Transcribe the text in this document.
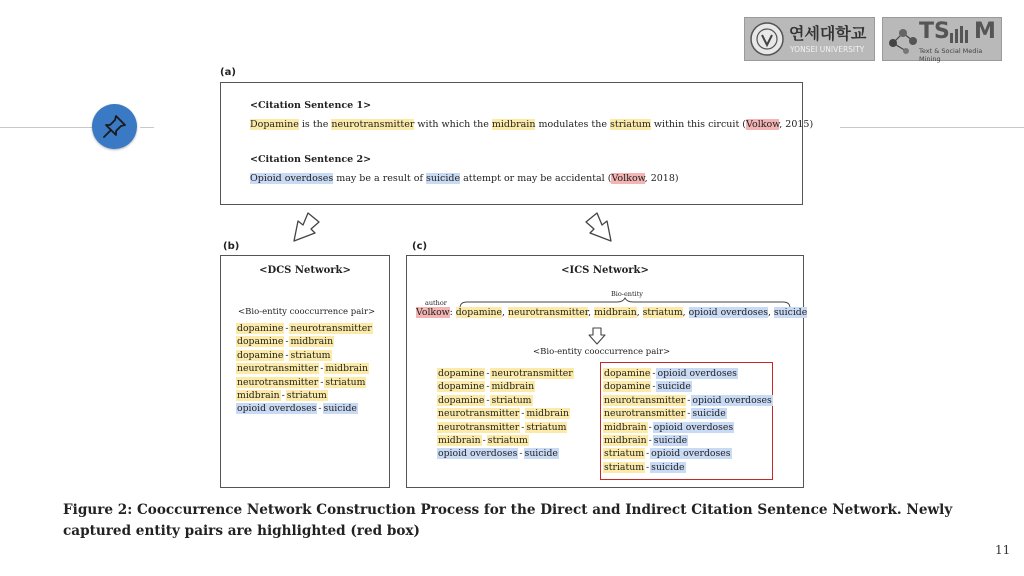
연세대학교
YONSEI UNIVERSITY
TS M
Text & Social Media Mining
(a)
<Citation Sentence 1>
Dopamine is the neurotransmitter with which the midbrain modulates the striatum within this circuit (Volkow, 2015)
<Citation Sentence 2>
Opioid overdoses may be a result of suicide attempt or may be accidental (Volkow, 2018)
(b)
<DCS Network>
<Bio-entity cooccurrence pair>
dopamine - neurotransmitter
dopamine - midbrain
dopamine - striatum
neurotransmitter - midbrain
neurotransmitter - striatum
midbrain - striatum
opioid overdoses - suicide
(c)
<ICS Network>
Bio-entity
author
Volkow: dopamine, neurotransmitter, midbrain, striatum, opioid overdoses, suicide
<Bio-entity cooccurrence pair>
dopamine - neurotransmitter
dopamine - midbrain
dopamine - striatum
neurotransmitter - midbrain
neurotransmitter - striatum
midbrain - striatum
opioid overdoses - suicide
dopamine - opioid overdoses
dopamine - suicide
neurotransmitter - opioid overdoses
neurotransmitter - suicide
midbrain - opioid overdoses
midbrain - suicide
striatum - opioid overdoses
striatum - suicide
Figure 2: Cooccurrence Network Construction Process for the Direct and Indirect Citation Sentence Network. Newly captured entity pairs are highlighted (red box)
11
